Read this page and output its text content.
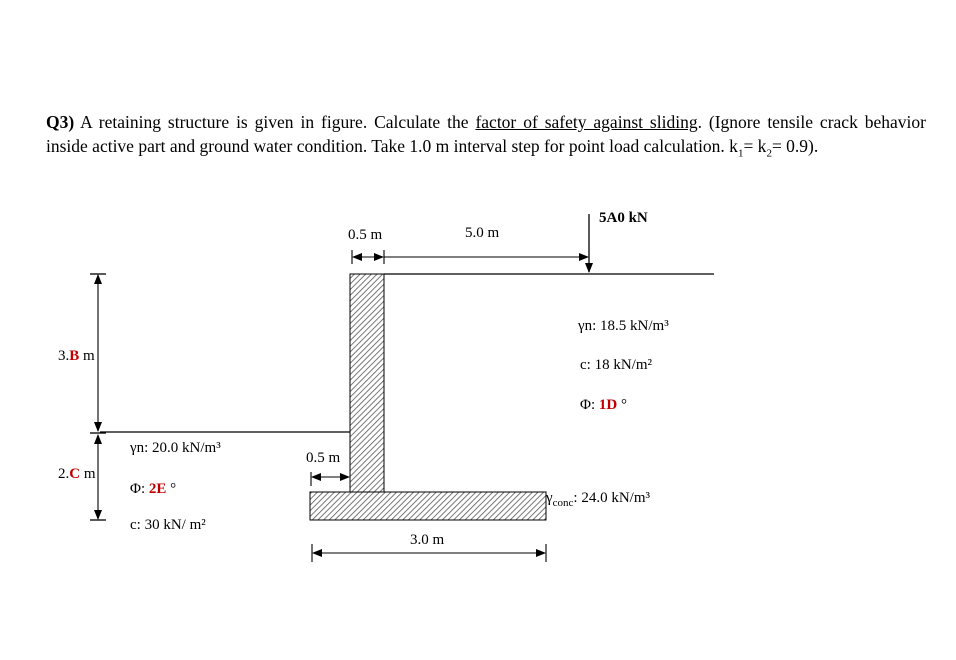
Q3) A retaining structure is given in figure. Calculate the factor of safety against sliding. (Ignore tensile crack behavior inside active part and ground water condition. Take 1.0 m interval step for point load calculation. $k_1= k_2= 0.9$).
5A0 kN
0.5 m	5.0 m
3.B m
2.C m
γn: 18.5 kN/m³
c: 18 kN/m²
Φ: 1D °
γn: 20.0 kN/m³
Φ: 2E °
c: 30 kN/ m²
0.5 m
3.0 m
$\gamma_{conc}$: 24.0 kN/m³
